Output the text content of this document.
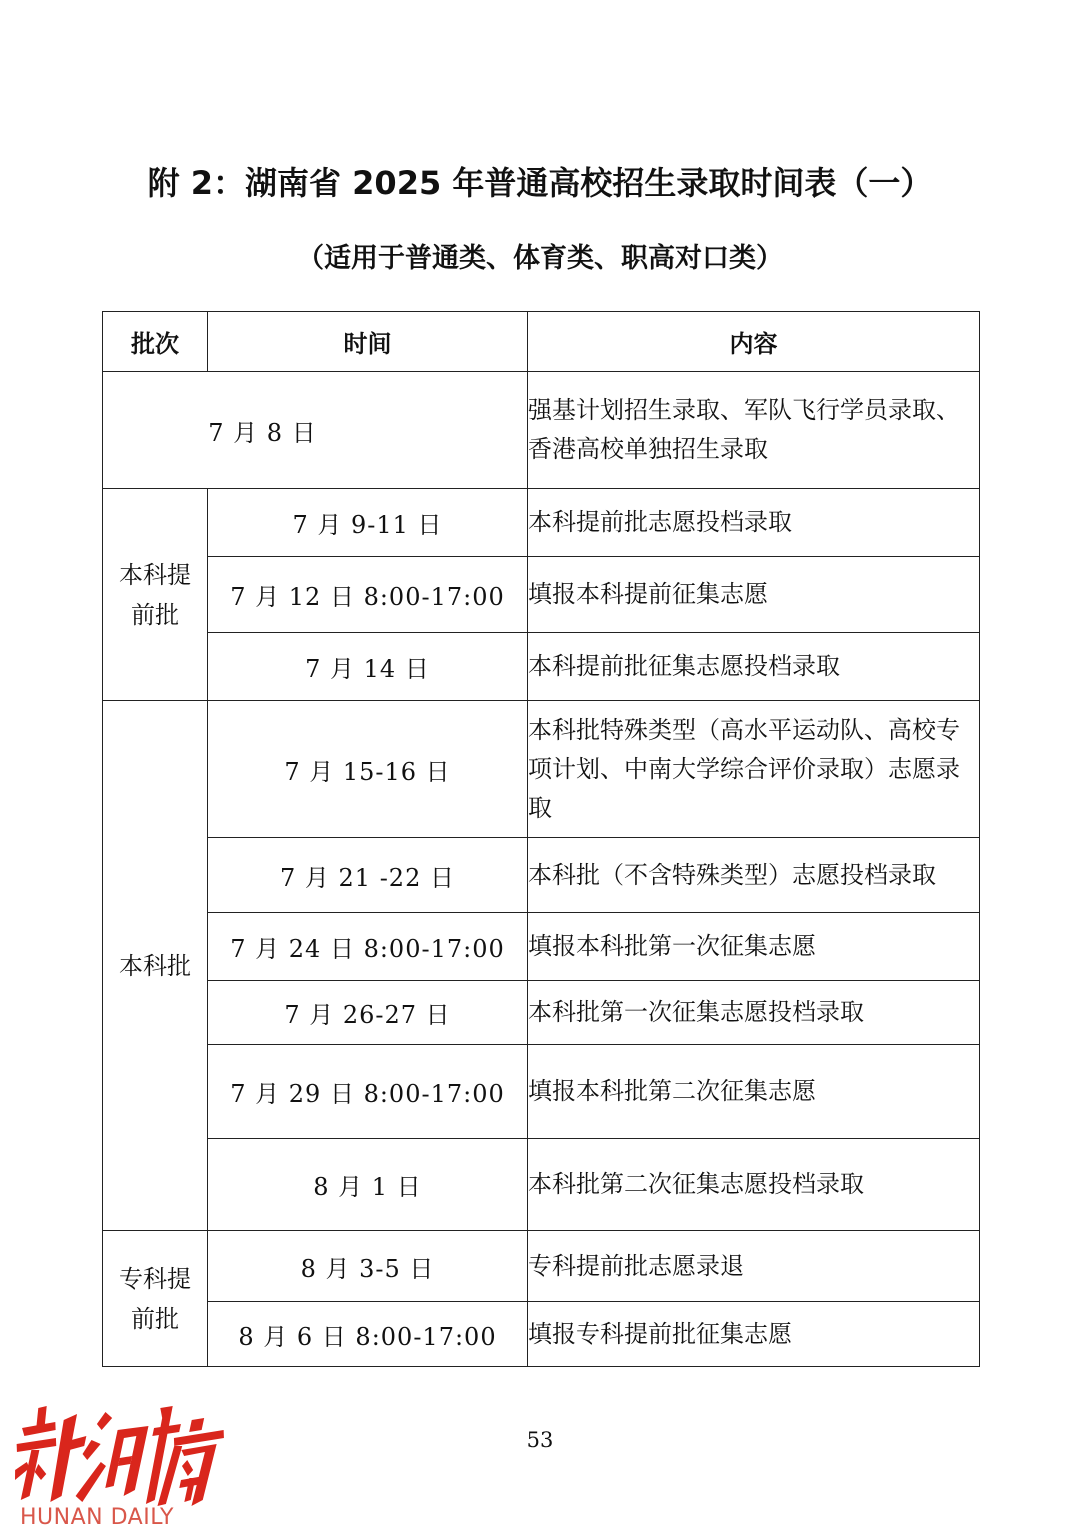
附 2：湖南省 2025 年普通高校招生录取时间表（一）
（适用于普通类、体育类、职高对口类）
批次	时间	内容
7 月 8 日		强基计划招生录取、军队飞行学员录取、香港高校单独招生录取

本科提前批	7 月 9-11 日	本科提前批志愿投档录取
	7 月 12 日 8:00-17:00	填报本科提前征集志愿
	7 月 14 日	本科提前批征集志愿投档录取
本科批	7 月 15-16 日	本科批特殊类型（高水平运动队、高校专项计划、中南大学综合评价录取）志愿录取
	7 月 21 -22 日	本科批（不含特殊类型）志愿投档录取
	7 月 24 日 8:00-17:00	填报本科批第一次征集志愿
	7 月 26-27 日	本科批第一次征集志愿投档录取
	7 月 29 日 8:00-17:00	填报本科批第二次征集志愿
	8 月 1 日	本科批第二次征集志愿投档录取

专科提前批	8 月 3-5 日	专科提前批志愿录退
	8 月 6 日 8:00-17:00	填报专科提前批征集志愿
53
HUNAN DAILY
